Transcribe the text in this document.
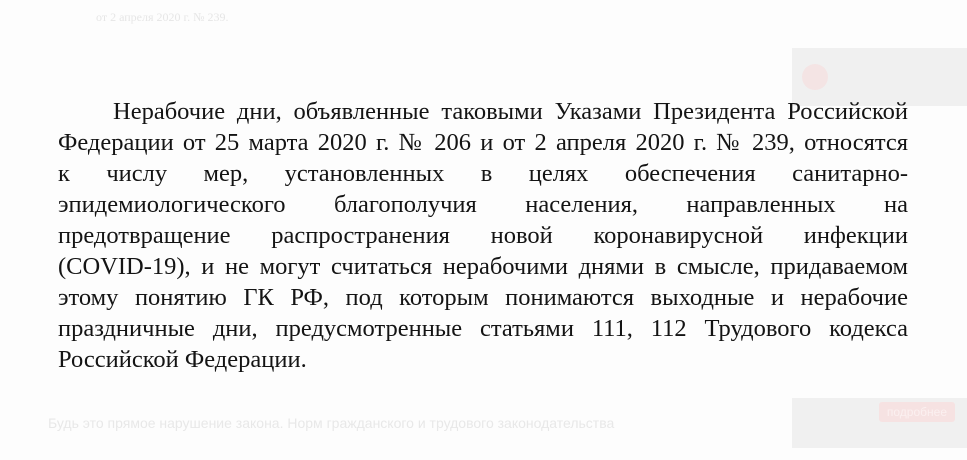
от 2 апреля 2020 г. № 239.
Нерабочие дни, объявленные таковыми Указами Президента Российской
Федерации от 25 марта 2020 г. № 206 и от 2 апреля 2020 г. № 239, относятся
к числу мер, установленных в целях обеспечения санитарно-
эпидемиологического благополучия населения, направленных на
предотвращение распространения новой коронавирусной инфекции
(COVID-19), и не могут считаться нерабочими днями в смысле, придаваемом
этому понятию ГК РФ, под которым понимаются выходные и нерабочие
праздничные дни, предусмотренные статьями 111, 112 Трудового кодекса
Российской Федерации.
подробнее
Будь это прямое нарушение закона. Норм гражданского и трудового законодательства
